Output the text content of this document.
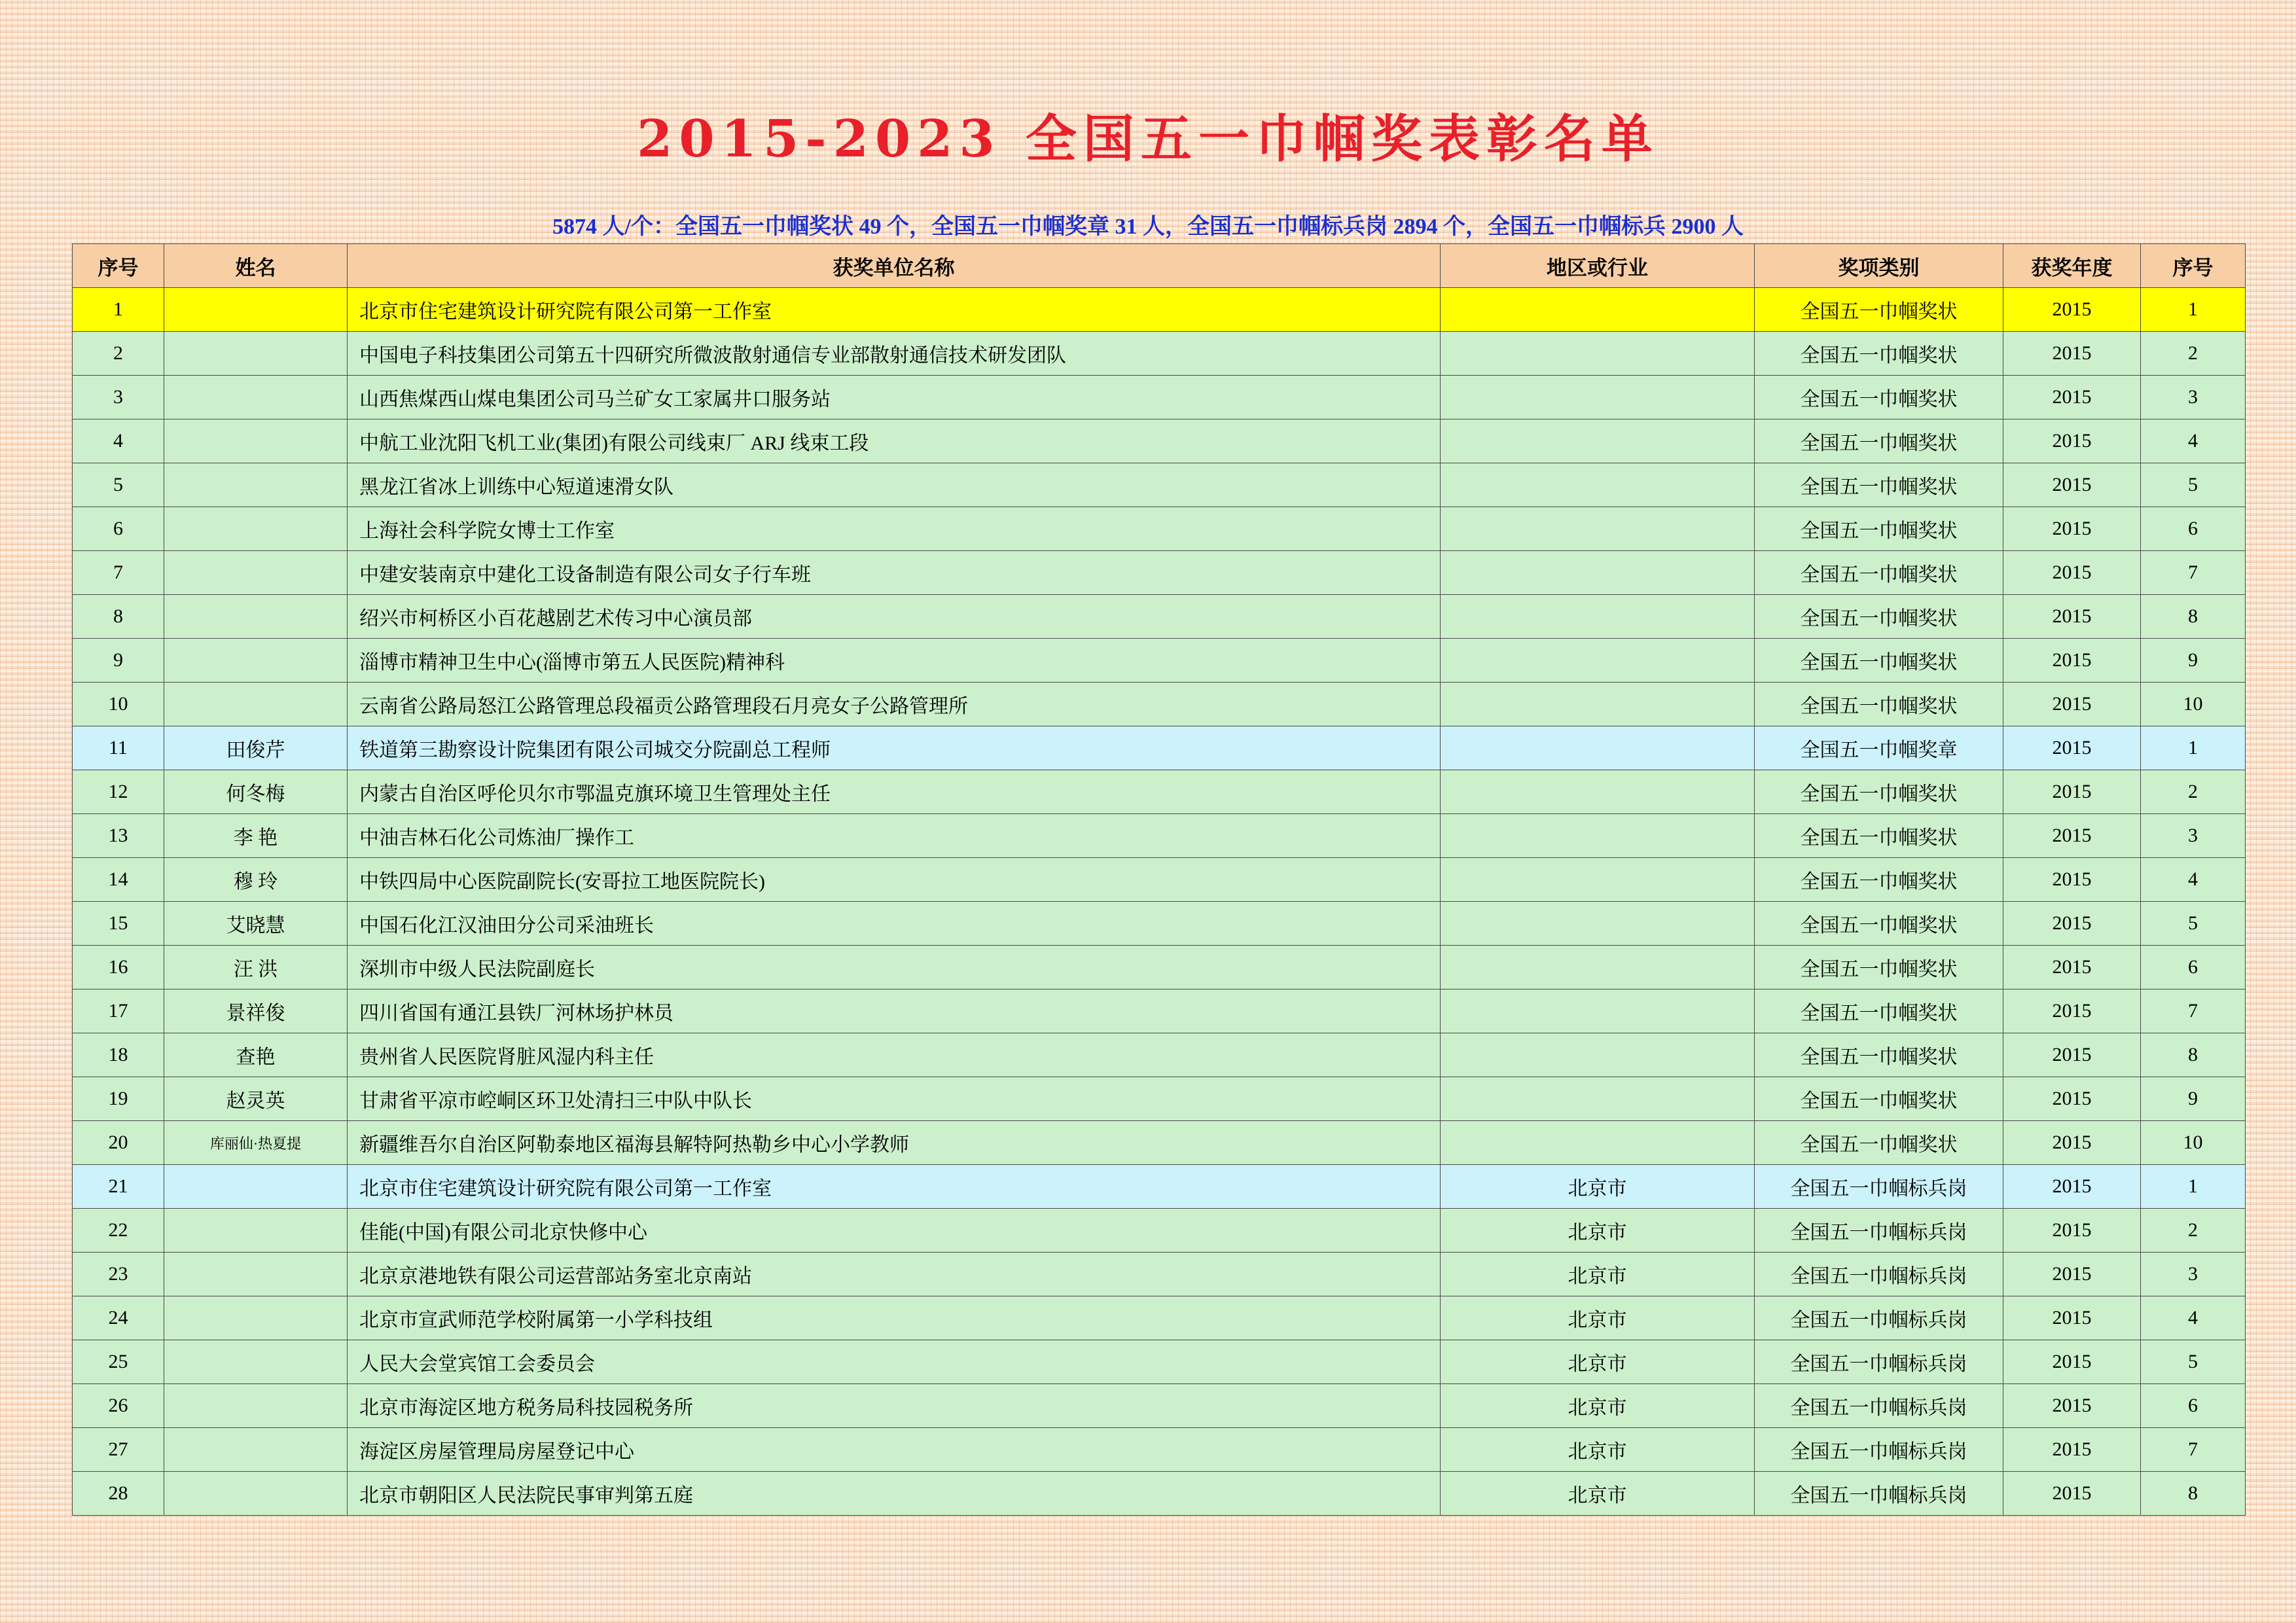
2015-2023 全国五一巾帼奖表彰名单
5874 人/个：全国五一巾帼奖状 49 个，全国五一巾帼奖章 31 人，全国五一巾帼标兵岗 2894 个，全国五一巾帼标兵 2900 人
序号	姓名	获奖单位名称	地区或行业	奖项类别	获奖年度	序号
1		北京市住宅建筑设计研究院有限公司第一工作室		全国五一巾帼奖状	2015	1
2		中国电子科技集团公司第五十四研究所微波散射通信专业部散射通信技术研发团队		全国五一巾帼奖状	2015	2
3		山西焦煤西山煤电集团公司马兰矿女工家属井口服务站		全国五一巾帼奖状	2015	3
4		中航工业沈阳飞机工业(集团)有限公司线束厂 ARJ 线束工段		全国五一巾帼奖状	2015	4
5		黑龙江省冰上训练中心短道速滑女队		全国五一巾帼奖状	2015	5
6		上海社会科学院女博士工作室		全国五一巾帼奖状	2015	6
7		中建安装南京中建化工设备制造有限公司女子行车班		全国五一巾帼奖状	2015	7
8		绍兴市柯桥区小百花越剧艺术传习中心演员部		全国五一巾帼奖状	2015	8
9		淄博市精神卫生中心(淄博市第五人民医院)精神科		全国五一巾帼奖状	2015	9
10		云南省公路局怒江公路管理总段福贡公路管理段石月亮女子公路管理所		全国五一巾帼奖状	2015	10
11	田俊芹	铁道第三勘察设计院集团有限公司城交分院副总工程师		全国五一巾帼奖章	2015	1
12	何冬梅	内蒙古自治区呼伦贝尔市鄂温克旗环境卫生管理处主任		全国五一巾帼奖状	2015	2
13	李 艳	中油吉林石化公司炼油厂操作工		全国五一巾帼奖状	2015	3
14	穆 玲	中铁四局中心医院副院长(安哥拉工地医院院长)		全国五一巾帼奖状	2015	4
15	艾晓慧	中国石化江汉油田分公司采油班长		全国五一巾帼奖状	2015	5
16	汪 洪	深圳市中级人民法院副庭长		全国五一巾帼奖状	2015	6
17	景祥俊	四川省国有通江县铁厂河林场护林员		全国五一巾帼奖状	2015	7
18	查艳	贵州省人民医院肾脏风湿内科主任		全国五一巾帼奖状	2015	8
19	赵灵英	甘肃省平凉市崆峒区环卫处清扫三中队中队长		全国五一巾帼奖状	2015	9
20	库丽仙·热夏提	新疆维吾尔自治区阿勒泰地区福海县解特阿热勒乡中心小学教师		全国五一巾帼奖状	2015	10
21		北京市住宅建筑设计研究院有限公司第一工作室	北京市	全国五一巾帼标兵岗	2015	1
22		佳能(中国)有限公司北京快修中心	北京市	全国五一巾帼标兵岗	2015	2
23		北京京港地铁有限公司运营部站务室北京南站	北京市	全国五一巾帼标兵岗	2015	3
24		北京市宣武师范学校附属第一小学科技组	北京市	全国五一巾帼标兵岗	2015	4
25		人民大会堂宾馆工会委员会	北京市	全国五一巾帼标兵岗	2015	5
26		北京市海淀区地方税务局科技园税务所	北京市	全国五一巾帼标兵岗	2015	6
27		海淀区房屋管理局房屋登记中心	北京市	全国五一巾帼标兵岗	2015	7
28		北京市朝阳区人民法院民事审判第五庭	北京市	全国五一巾帼标兵岗	2015	8
